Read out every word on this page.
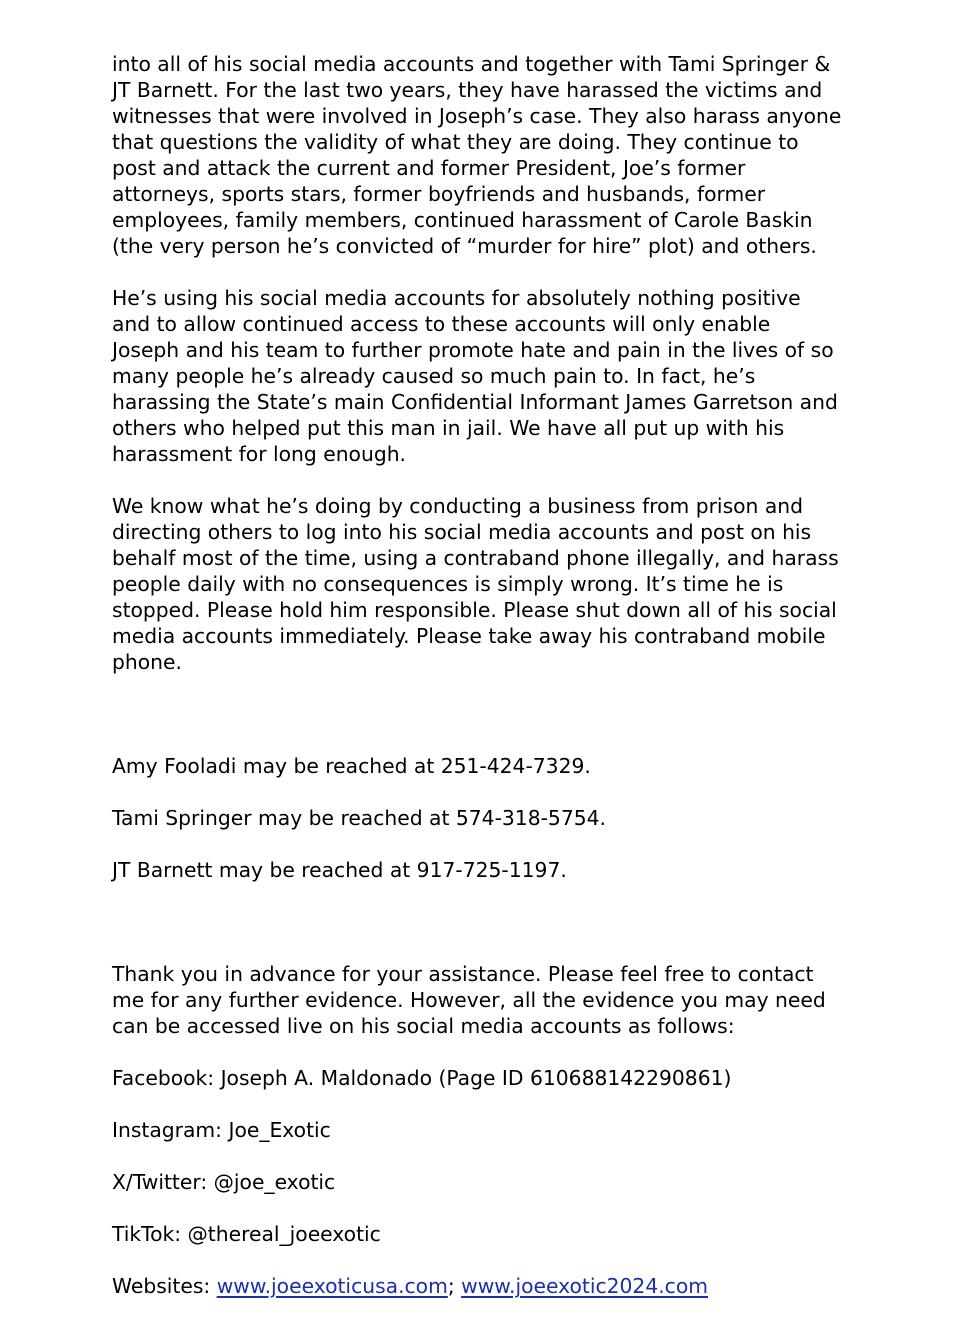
into all of his social media accounts and together with Tami Springer &
JT Barnett. For the last two years, they have harassed the victims and
witnesses that were involved in Joseph’s case. They also harass anyone
that questions the validity of what they are doing. They continue to
post and attack the current and former President, Joe’s former
attorneys, sports stars, former boyfriends and husbands, former
employees, family members, continued harassment of Carole Baskin
(the very person he’s convicted of “murder for hire” plot) and others.

He’s using his social media accounts for absolutely nothing positive
and to allow continued access to these accounts will only enable
Joseph and his team to further promote hate and pain in the lives of so
many people he’s already caused so much pain to. In fact, he’s
harassing the State’s main Confidential Informant James Garretson and
others who helped put this man in jail. We have all put up with his
harassment for long enough.

We know what he’s doing by conducting a business from prison and
directing others to log into his social media accounts and post on his
behalf most of the time, using a contraband phone illegally, and harass
people daily with no consequences is simply wrong. It’s time he is
stopped. Please hold him responsible. Please shut down all of his social
media accounts immediately. Please take away his contraband mobile
phone.

Amy Fooladi may be reached at 251-424-7329.

Tami Springer may be reached at 574-318-5754.

JT Barnett may be reached at 917-725-1197.

Thank you in advance for your assistance. Please feel free to contact
me for any further evidence. However, all the evidence you may need
can be accessed live on his social media accounts as follows:

Facebook: Joseph A. Maldonado (Page ID 610688142290861)

Instagram: Joe_Exotic

X/Twitter: @joe_exotic

TikTok: @thereal_joeexotic

Websites: www.joeexoticusa.com; www.joeexotic2024.com
